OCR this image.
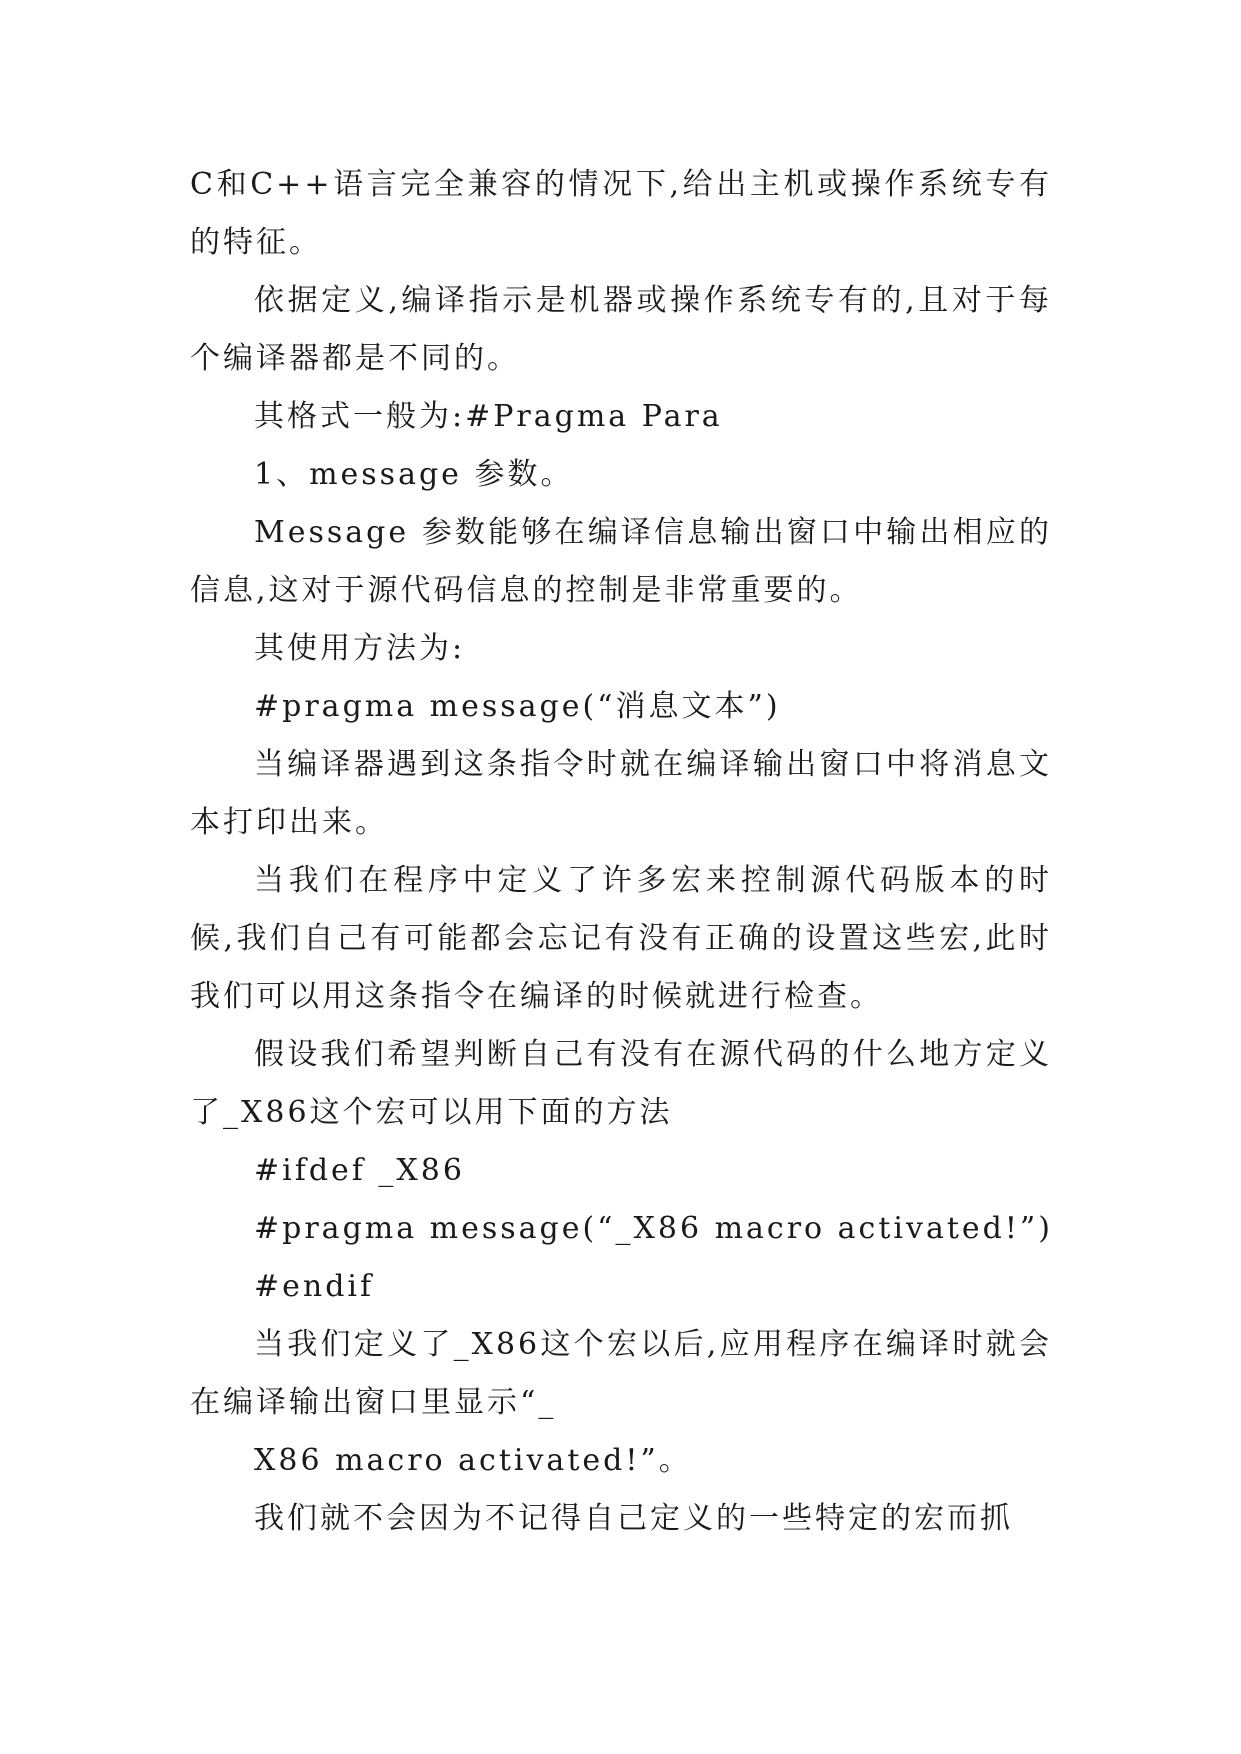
C和C++语言完全兼容的情况下,给出主机或操作系统专有的特征。

依据定义,编译指示是机器或操作系统专有的,且对于每个编译器都是不同的。

其格式一般为:#Pragma Para

1、message 参数。

Message 参数能够在编译信息输出窗口中输出相应的信息,这对于源代码信息的控制是非常重要的。

其使用方法为:

#pragma message(“消息文本”)

当编译器遇到这条指令时就在编译输出窗口中将消息文本打印出来。

当我们在程序中定义了许多宏来控制源代码版本的时候,我们自己有可能都会忘记有没有正确的设置这些宏,此时我们可以用这条指令在编译的时候就进行检查。

假设我们希望判断自己有没有在源代码的什么地方定义了_X86这个宏可以用下面的方法

#ifdef _X86

#pragma message(“_X86 macro activated!”)

#endif

当我们定义了_X86这个宏以后,应用程序在编译时就会在编译输出窗口里显示“_

X86 macro activated!”。

我们就不会因为不记得自己定义的一些特定的宏而抓
